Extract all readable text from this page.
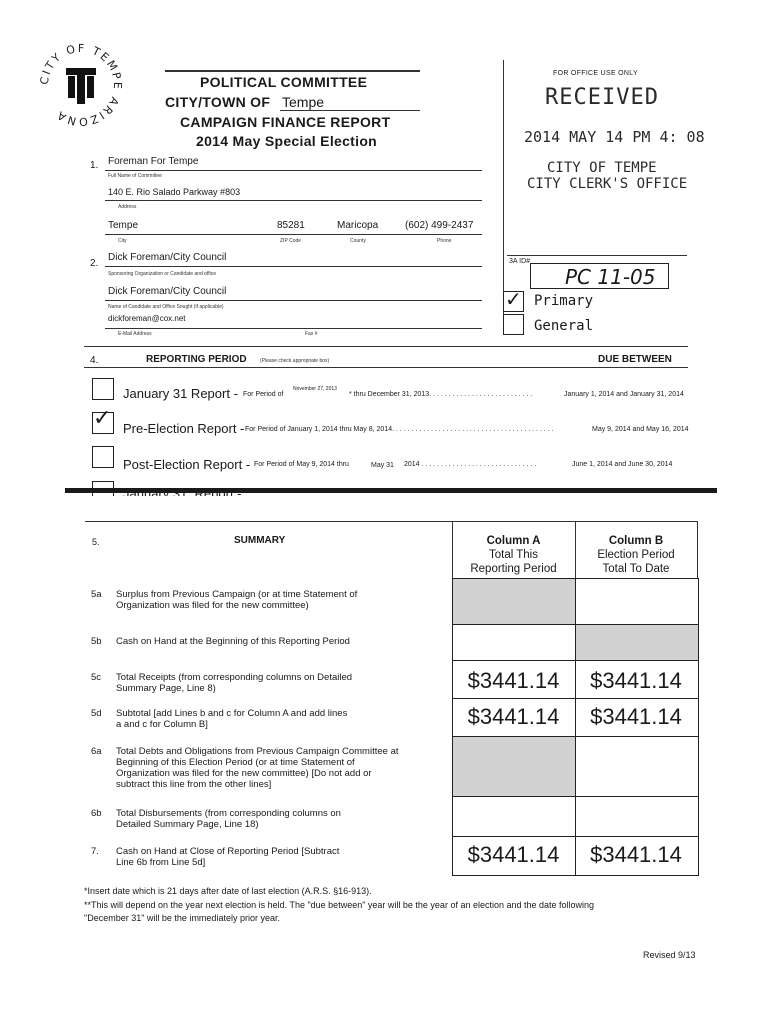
CITY OF TEMPE ARIZONA
POLITICAL COMMITTEE
CITY/TOWN OF Tempe
CAMPAIGN FINANCE REPORT
2014 May Special Election
FOR OFFICE USE ONLY
RECEIVED
2014 MAY 14 PM 4: 08
CITY OF TEMPE
CITY CLERK'S OFFICE
3A ID#
PC 11-05
✓ Primary
General
1. Foreman For Tempe
Full Name of Committee
140 E. Rio Salado Parkway #803
Address
Tempe	85281	Maricopa	(602) 499-2437
City	ZIP Code	County	Phone
2.
Dick Foreman/City Council
Sponsoring Organization or Candidate and office
Dick Foreman/City Council
Name of Candidate and Office Sought (if applicable)
dickforeman@cox.net
E-Mail Address	Fax #
4.	REPORTING PERIOD	(Please check appropriate box)	DUE BETWEEN
January 31 Report - For Period of
November 27, 2013
* thru December 31, 2013. . . . . . . . . . . . . . . . . . . . . . . . . . .	January 1, 2014 and January 31, 2014
✓ Pre-Election Report - For Period of January 1, 2014 thru May 8, 2014. . . . . . . . . . . . . . . . . . . . . . . . . . . . . . . . . . . . . . . . . .	May 9, 2014 and May 16, 2014
Post-Election Report - For Period of May 9, 2014 thru	May 31 2014 . . . . . . . . . . . . . . . . . . . . . . . . . . . . . .	June 1, 2014 and June 30, 2014
5.	SUMMARY	Column A
Total This
Reporting Period
Column B
Election Period
Total To Date
5a Surplus from Previous Campaign (or at time Statement of
Organization was filed for the new committee)
5b Cash on Hand at the Beginning of this Reporting Period
5c Total Receipts (from corresponding columns on Detailed
Summary Page, Line 8)	$3441.14	$3441.14
5d Subtotal [add Lines b and c for Column A and add lines
a and c for Column B]	$3441.14	$3441.14
6a Total Debts and Obligations from Previous Campaign Committee at
Beginning of this Election Period (or at time Statement of
Organization was filed for the new committee) [Do not add or
subtract this line from the other lines]
6b Total Disbursements (from corresponding columns on
Detailed Summary Page, Line 18)
7. Cash on Hand at Close of Reporting Period [Subtract
Line 6b from Line 5d]	$3441.14	$3441.14
*Insert date which is 21 days after date of last election (A.R.S. §16-913).
**This will depend on the year next election is held. The "due between" year will be the year of an election and the date following
"December 31" will be the immediately prior year.
Revised 9/13
